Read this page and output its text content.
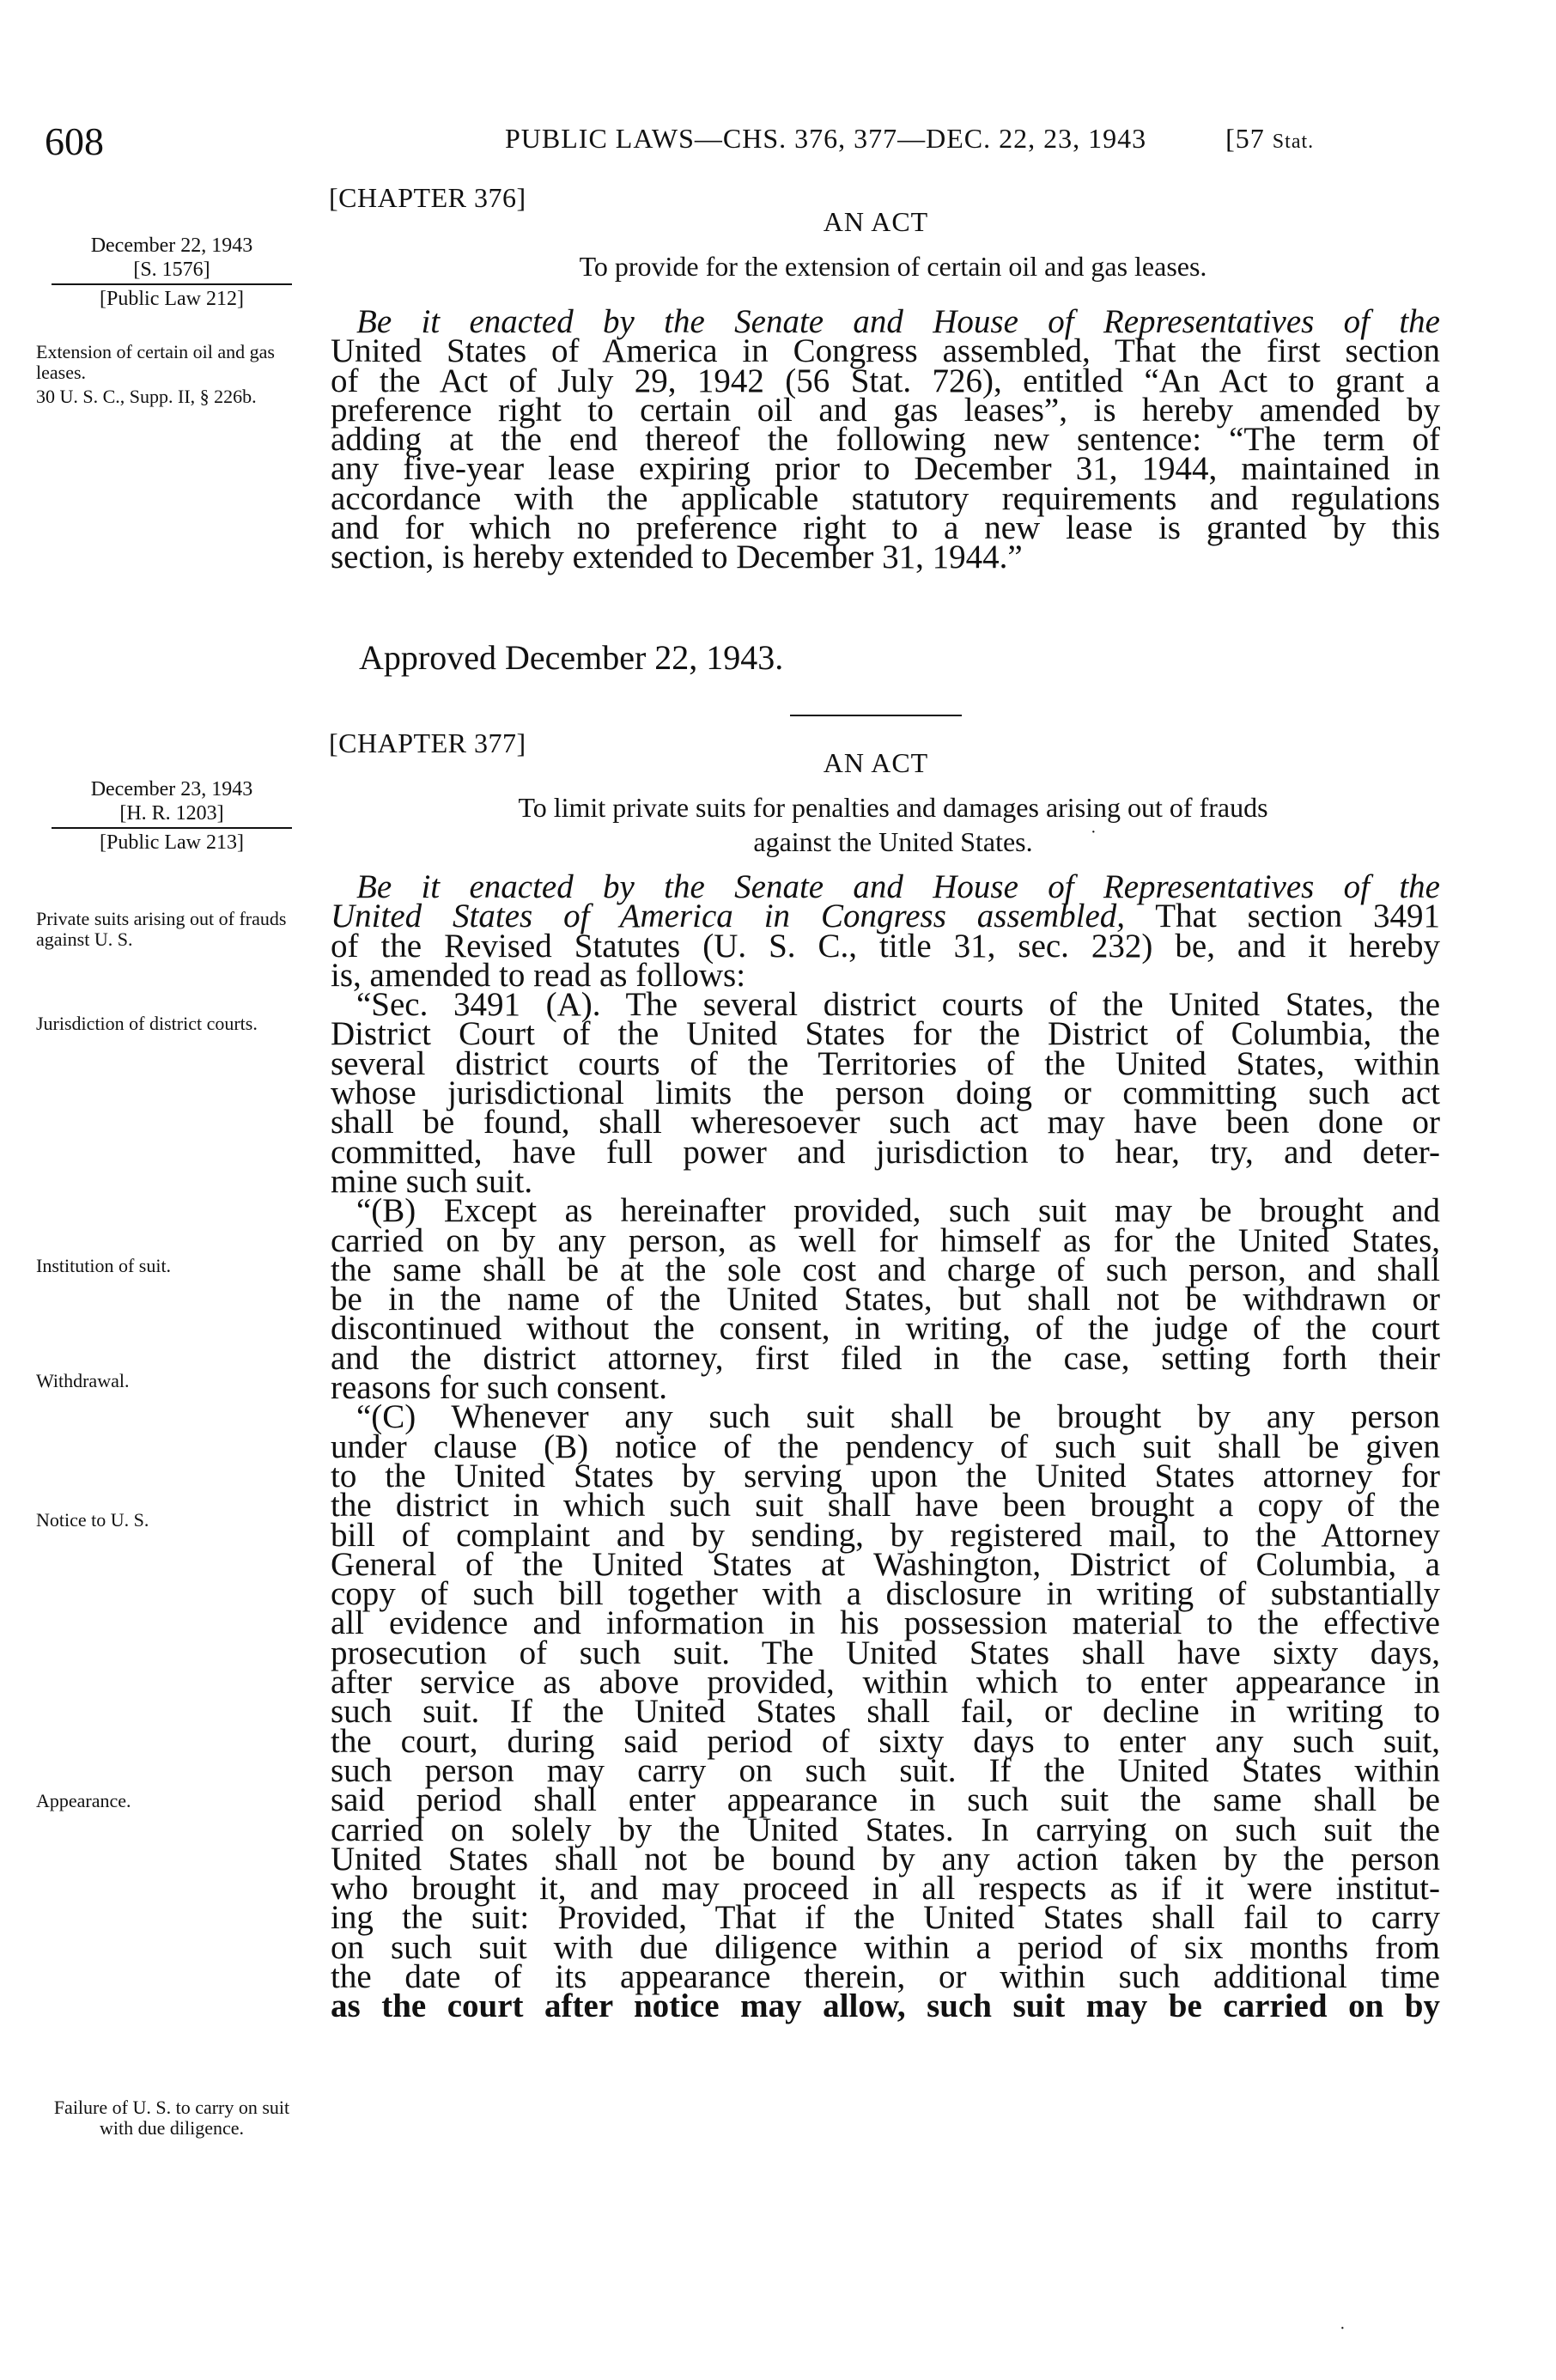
608	PUBLIC LAWS—CHS. 376, 377—DEC. 22, 23, 1943	[57 Stat.
[CHAPTER 376]
AN ACT
To provide for the extension of certain oil and gas leases.
December 22, 1943
[S. 1576]
[Public Law 212]
Extension of certain oil and gas leases.
30 U. S. C., Supp. II, § 226b.
Be it enacted by the Senate and House of Representatives of the
United States of America in Congress assembled, That the first section
of the Act of July 29, 1942 (56 Stat. 726), entitled “An Act to grant a
preference right to certain oil and gas leases”, is hereby amended by
adding at the end thereof the following new sentence: “The term of
any five-year lease expiring prior to December 31, 1944, maintained in
accordance with the applicable statutory requirements and regulations
and for which no preference right to a new lease is granted by this
section, is hereby extended to December 31, 1944.”
Approved December 22, 1943.
[CHAPTER 377]
AN ACT
To limit private suits for penalties and damages arising out of frauds
against the United States.	·
December 23, 1943
[H. R. 1203]
[Public Law 213]
Private suits arising out of frauds against U. S.
Jurisdiction of district courts.
Institution of suit.
Withdrawal.
Notice to U. S.
Appearance.
Failure of U. S. to carry on suit with due diligence.
Be it enacted by the Senate and House of Representatives of the
United States of America in Congress assembled, That section 3491
of the Revised Statutes (U. S. C., title 31, sec. 232) be, and it hereby
is, amended to read as follows:
“Sec. 3491 (A). The several district courts of the United States, the
District Court of the United States for the District of Columbia, the
several district courts of the Territories of the United States, within
whose jurisdictional limits the person doing or committing such act
shall be found, shall wheresoever such act may have been done or
committed, have full power and jurisdiction to hear, try, and deter-
mine such suit.
“(B) Except as hereinafter provided, such suit may be brought and
carried on by any person, as well for himself as for the United States,
the same shall be at the sole cost and charge of such person, and shall
be in the name of the United States, but shall not be withdrawn or
discontinued without the consent, in writing, of the judge of the court
and the district attorney, first filed in the case, setting forth their
reasons for such consent.
“(C) Whenever any such suit shall be brought by any person
under clause (B) notice of the pendency of such suit shall be given
to the United States by serving upon the United States attorney for
the district in which such suit shall have been brought a copy of the
bill of complaint and by sending, by registered mail, to the Attorney
General of the United States at Washington, District of Columbia, a
copy of such bill together with a disclosure in writing of substantially
all evidence and information in his possession material to the effective
prosecution of such suit. The United States shall have sixty days,
after service as above provided, within which to enter appearance in
such suit. If the United States shall fail, or decline in writing to
the court, during said period of sixty days to enter any such suit,
such person may carry on such suit. If the United States within
said period shall enter appearance in such suit the same shall be
carried on solely by the United States. In carrying on such suit the
United States shall not be bound by any action taken by the person
who brought it, and may proceed in all respects as if it were institut-
ing the suit: Provided, That if the United States shall fail to carry
on such suit with due diligence within a period of six months from
the date of its appearance therein, or within such additional time
as the court after notice may allow, such suit may be carried on by
·
